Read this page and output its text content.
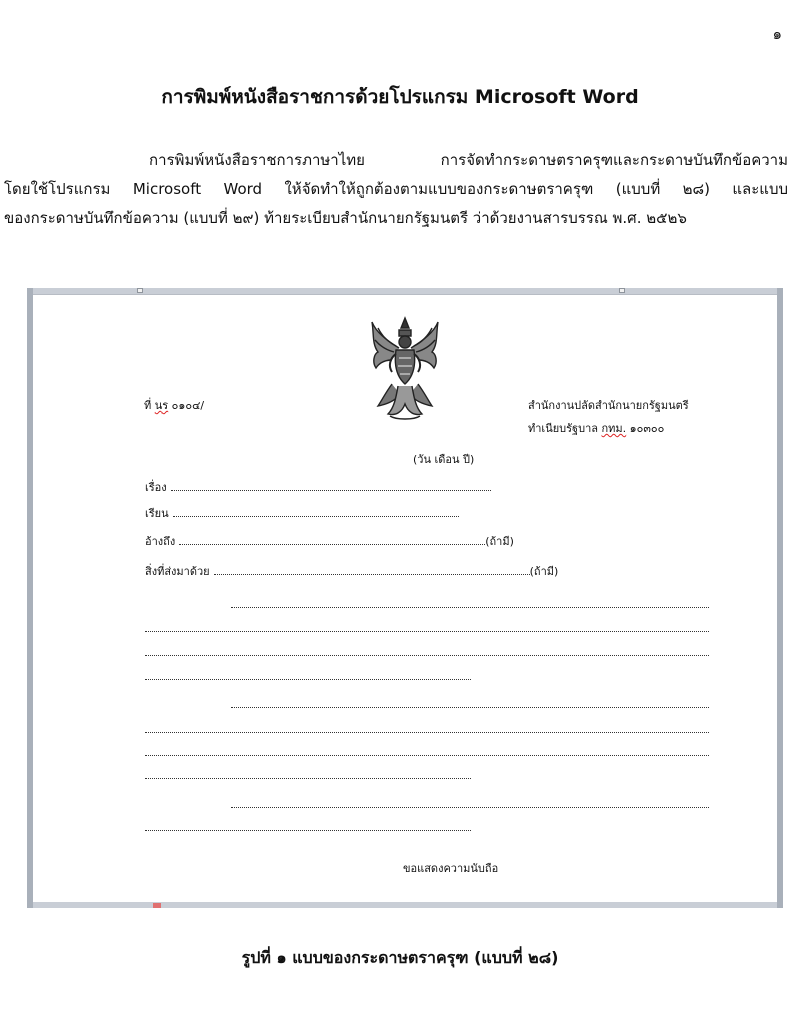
๑
การพิมพ์หนังสือราชการด้วยโปรแกรม Microsoft Word
การพิมพ์หนังสือราชการภาษาไทย การจัดทำกระดาษตราครุฑและกระดาษบันทึกข้อความ
โดยใช้โปรแกรม Microsoft Word ให้จัดทำให้ถูกต้องตามแบบของกระดาษตราครุฑ (แบบที่ ๒๘) และแบบ
ของกระดาษบันทึกข้อความ (แบบที่ ๒๙) ท้ายระเบียบสำนักนายกรัฐมนตรี ว่าด้วยงานสารบรรณ พ.ศ. ๒๕๒๖
ที่ นร ๐๑๐๔/	สำนักงานปลัดสำนักนายกรัฐมนตรี
ทำเนียบรัฐบาล กทม. ๑๐๓๐๐
(วัน เดือน ปี)
เรื่อง
เรียน
อ้างถึง	(ถ้ามี)
สิ่งที่ส่งมาด้วย	(ถ้ามี)
ขอแสดงความนับถือ
รูปที่ ๑ แบบของกระดาษตราครุฑ (แบบที่ ๒๘)
